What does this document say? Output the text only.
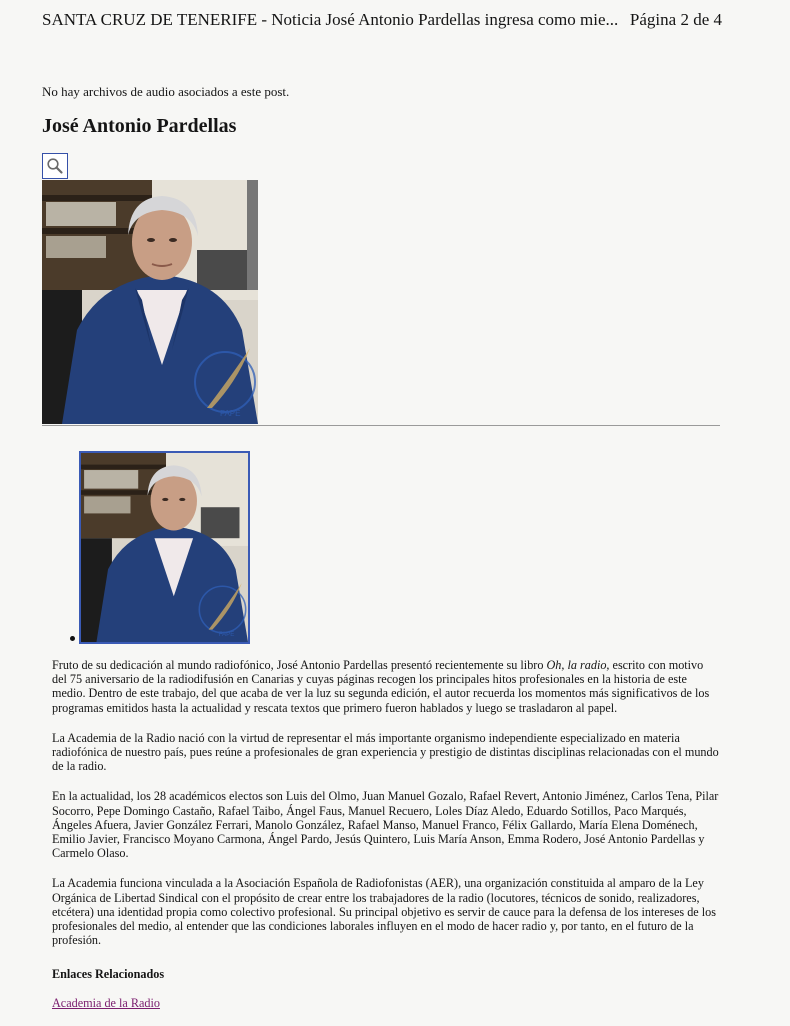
SANTA CRUZ DE TENERIFE - Noticia José Antonio Pardellas ingresa como mie... Página 2 de 4
No hay archivos de audio asociados a este post.
José Antonio Pardellas
FAPE
FAPE

Fruto de su dedicación al mundo radiofónico, José Antonio Pardellas presentó recientemente su libro Oh, la radio, escrito con motivo del 75 aniversario de la radiodifusión en Canarias y cuyas páginas recogen los principales hitos profesionales en la historia de este medio. Dentro de este trabajo, del que acaba de ver la luz su segunda edición, el autor recuerda los momentos más significativos de los programas emitidos hasta la actualidad y rescata textos que primero fueron hablados y luego se trasladaron al papel.

La Academia de la Radio nació con la virtud de representar el más importante organismo independiente especializado en materia radiofónica de nuestro país, pues reúne a profesionales de gran experiencia y prestigio de distintas disciplinas relacionadas con el mundo de la radio.

En la actualidad, los 28 académicos electos son Luis del Olmo, Juan Manuel Gozalo, Rafael Revert, Antonio Jiménez, Carlos Tena, Pilar Socorro, Pepe Domingo Castaño, Rafael Taibo, Ángel Faus, Manuel Recuero, Loles Díaz Aledo, Eduardo Sotillos, Paco Marqués, Ángeles Afuera, Javier González Ferrari, Manolo González, Rafael Manso, Manuel Franco, Félix Gallardo, María Elena Doménech, Emilio Javier, Francisco Moyano Carmona, Ángel Pardo, Jesús Quintero, Luis María Anson, Emma Rodero, José Antonio Pardellas y Carmelo Olaso.

La Academia funciona vinculada a la Asociación Española de Radiofonistas (AER), una organización constituida al amparo de la Ley Orgánica de Libertad Sindical con el propósito de crear entre los trabajadores de la radio (locutores, técnicos de sonido, realizadores, etcétera) una identidad propia como colectivo profesional. Su principal objetivo es servir de cauce para la defensa de los intereses de los profesionales del medio, al entender que las condiciones laborales influyen en el modo de hacer radio y, por tanto, en el futuro de la profesión.

Enlaces Relacionados

Academia de la Radio
